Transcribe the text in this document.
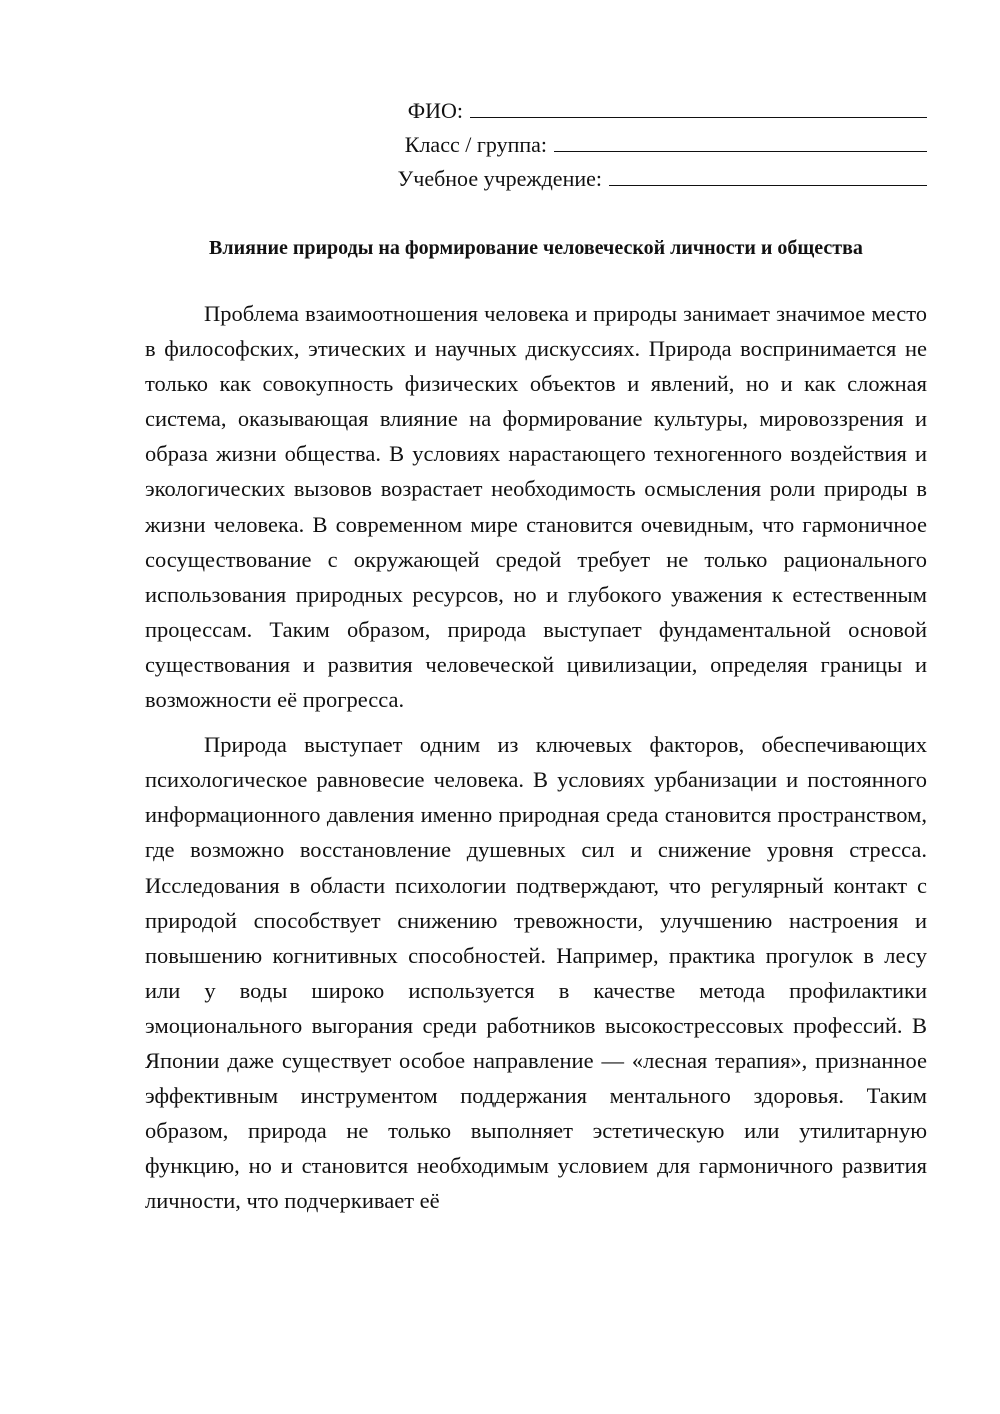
ФИО:
Класс / группа:
Учебное учреждение:
Влияние природы на формирование человеческой личности и общества

Проблема взаимоотношения человека и природы занимает значимое место в философских, этических и научных дискуссиях. Природа воспринимается не только как совокупность физических объектов и явлений, но и как сложная система, оказывающая влияние на формирование культуры, мировоззрения и образа жизни общества. В условиях нарастающего техногенного воздействия и экологических вызовов возрастает необходимость осмысления роли природы в жизни человека. В современном мире становится очевидным, что гармоничное сосуществование с окружающей средой требует не только рационального использования природных ресурсов, но и глубокого уважения к естественным процессам. Таким образом, природа выступает фундаментальной основой существования и развития человеческой цивилизации, определяя границы и возможности её прогресса.

Природа выступает одним из ключевых факторов, обеспечивающих психологическое равновесие человека. В условиях урбанизации и постоянного информационного давления именно природная среда становится пространством, где возможно восстановление душевных сил и снижение уровня стресса. Исследования в области психологии подтверждают, что регулярный контакт с природой способствует снижению тревожности, улучшению настроения и повышению когнитивных способностей. Например, практика прогулок в лесу или у воды широко используется в качестве метода профилактики эмоционального выгорания среди работников высокострессовых профессий. В Японии даже существует особое направление — «лесная терапия», признанное эффективным инструментом поддержания ментального здоровья. Таким образом, природа не только выполняет эстетическую или утилитарную функцию, но и становится необходимым условием для гармоничного развития личности, что подчеркивает её
